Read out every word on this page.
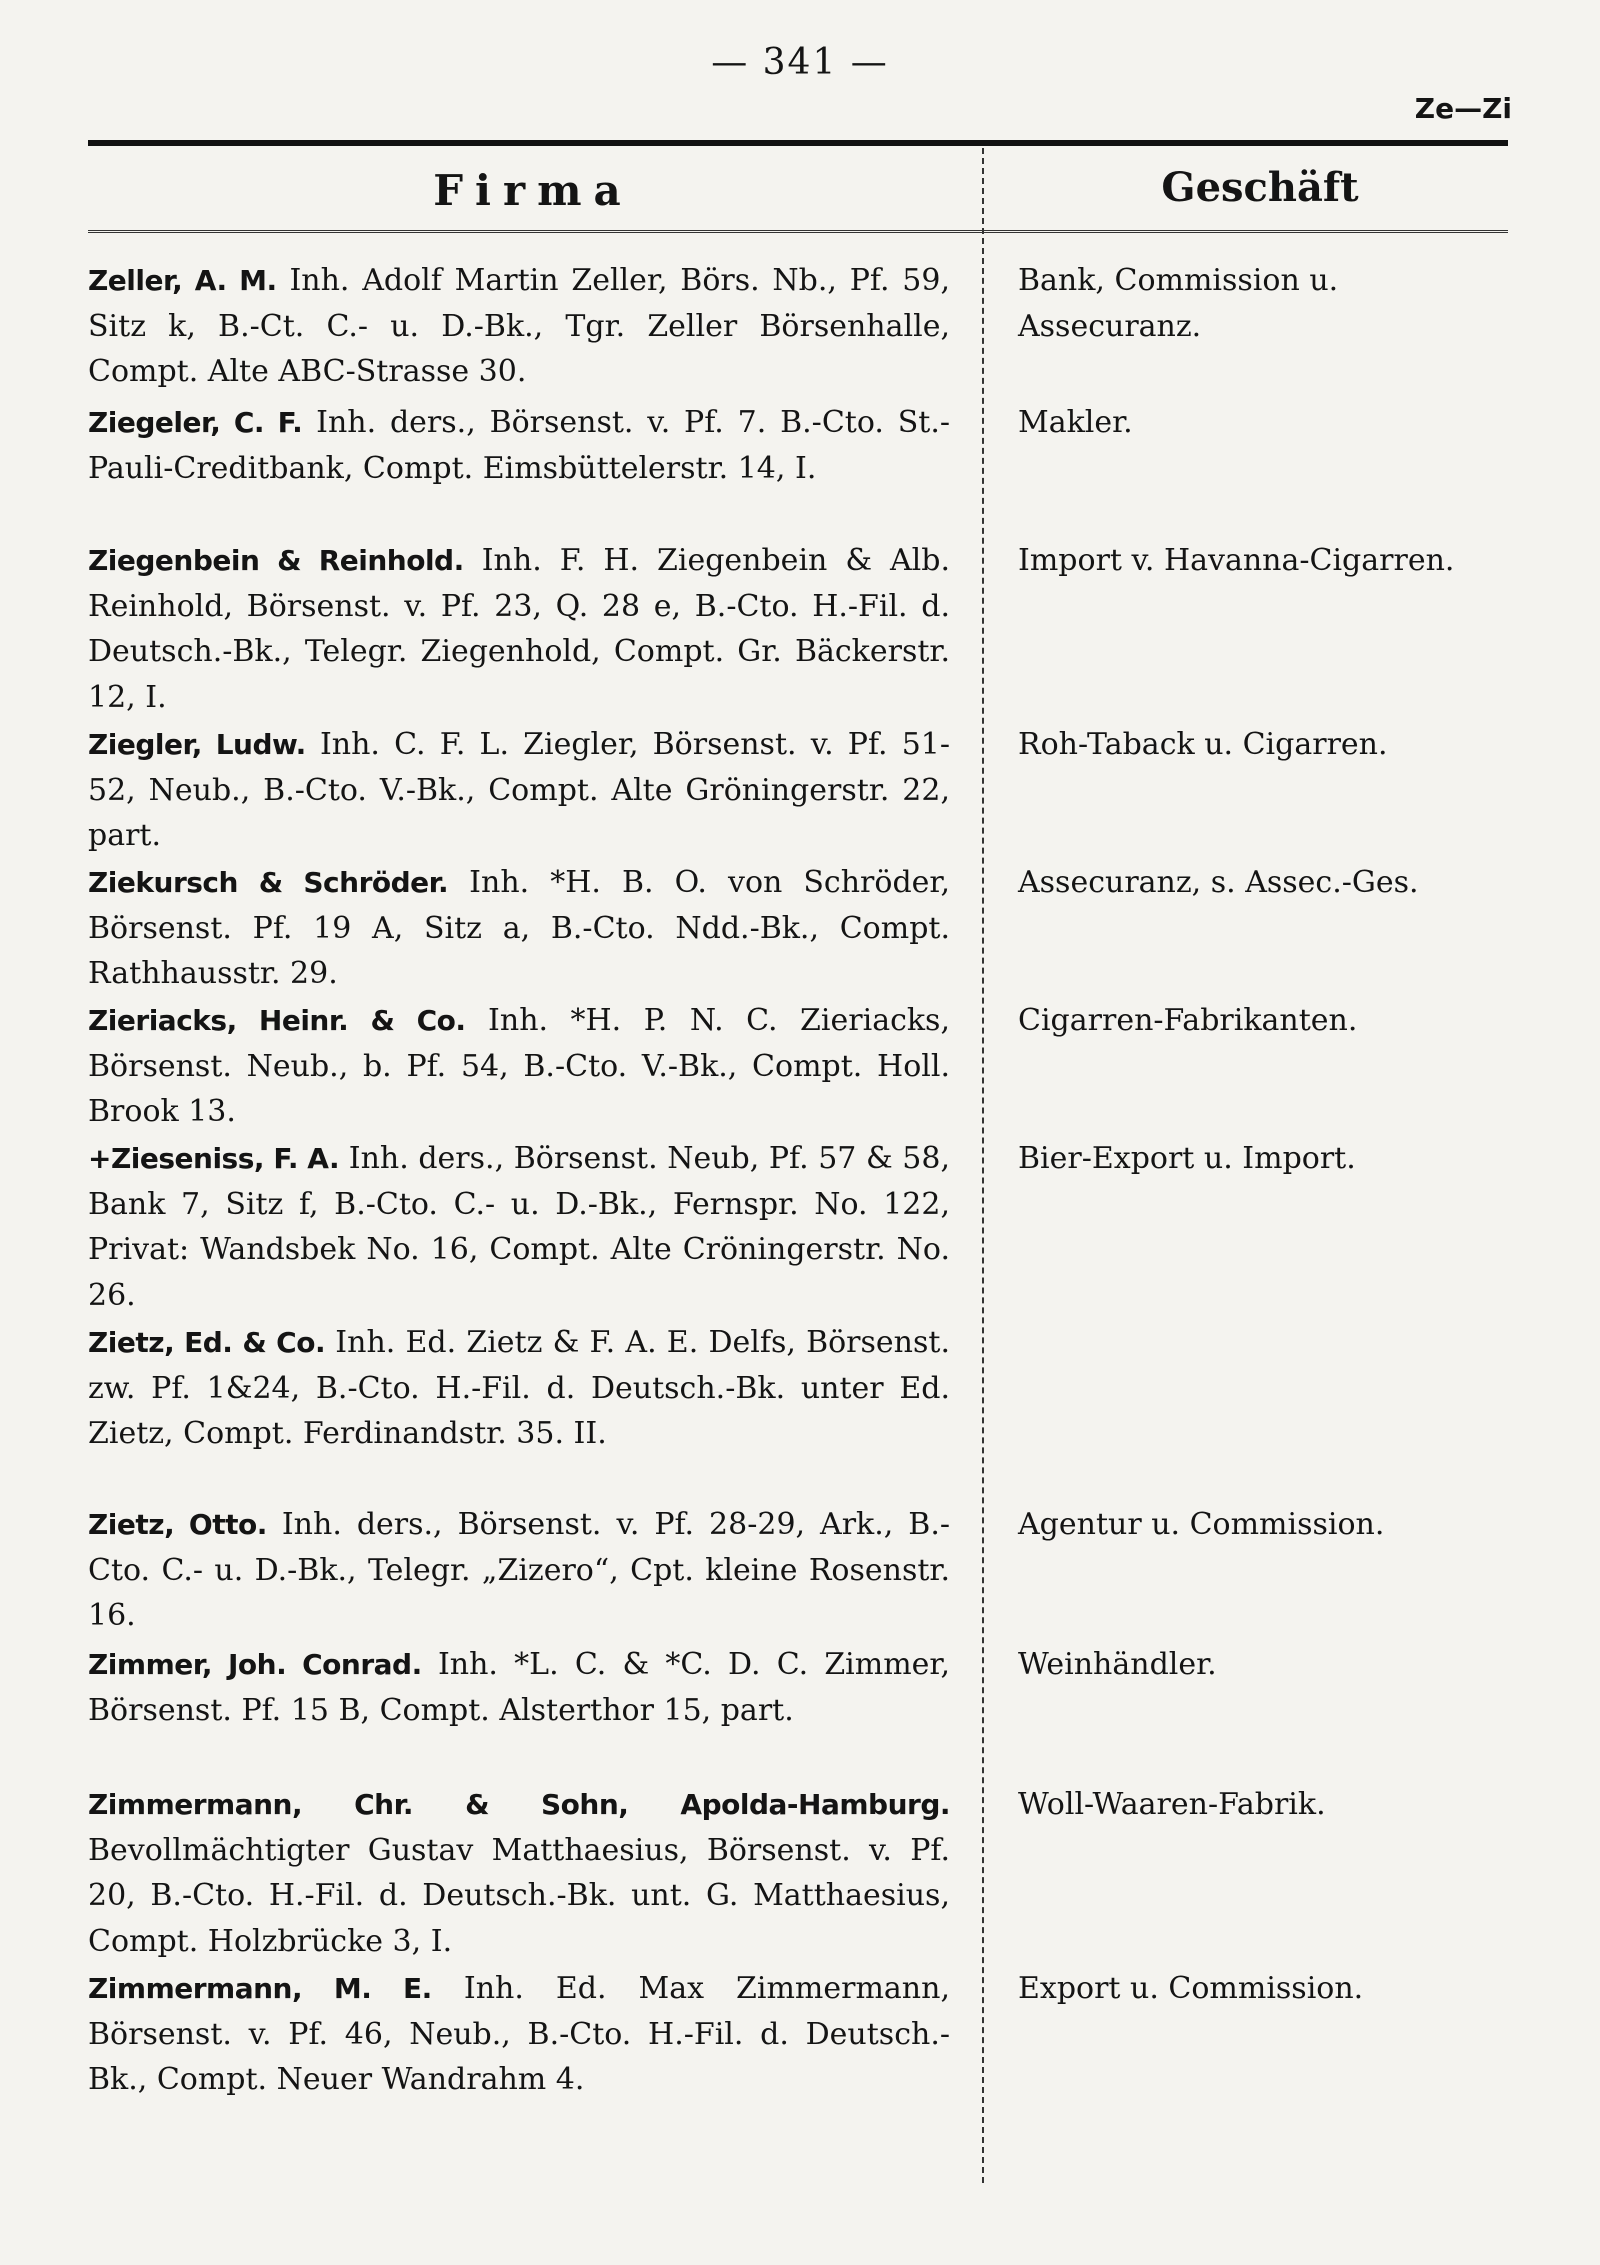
— 341 —
Ze—Zi
Firma	Geschäft
Zeller, A. M. Inh. Adolf Martin Zeller, Börs. Nb., Pf. 59, Sitz k, B.-Ct. C.- u. D.-Bk., Tgr. Zeller Börsenhalle, Compt. Alte ABC-Strasse 30.
Bank, Commission u. Assecuranz.
Ziegeler, C. F. Inh. ders., Börsenst. v. Pf. 7. B.-Cto. St.-Pauli-Creditbank, Compt. Eimsbüttelerstr. 14, I.
Makler.
Ziegenbein & Reinhold. Inh. F. H. Ziegenbein & Alb. Reinhold, Börsenst. v. Pf. 23, Q. 28 e, B.-Cto. H.-Fil. d. Deutsch.-Bk., Telegr. Ziegenhold, Compt. Gr. Bäckerstr. 12, I.
Import v. Havanna-Cigarren.
Ziegler, Ludw. Inh. C. F. L. Ziegler, Börsenst. v. Pf. 51-52, Neub., B.-Cto. V.-Bk., Compt. Alte Gröningerstr. 22, part.
Roh-Taback u. Cigarren.
Ziekursch & Schröder. Inh. *H. B. O. von Schröder, Börsenst. Pf. 19 A, Sitz a, B.-Cto. Ndd.-Bk., Compt. Rathhausstr. 29.
Assecuranz, s. Assec.-Ges.
Zieriacks, Heinr. & Co. Inh. *H. P. N. C. Zieriacks, Börsenst. Neub., b. Pf. 54, B.-Cto. V.-Bk., Compt. Holl. Brook 13.
Cigarren-Fabrikanten.
+Zieseniss, F. A. Inh. ders., Börsenst. Neub, Pf. 57 & 58, Bank 7, Sitz f, B.-Cto. C.- u. D.-Bk., Fernspr. No. 122, Privat: Wandsbek No. 16, Compt. Alte Cröningerstr. No. 26.
Bier-Export u. Import.
Zietz, Ed. & Co. Inh. Ed. Zietz & F. A. E. Delfs, Börsenst. zw. Pf. 1&24, B.-Cto. H.-Fil. d. Deutsch.-Bk. unter Ed. Zietz, Compt. Ferdinandstr. 35. II.
Zietz, Otto. Inh. ders., Börsenst. v. Pf. 28-29, Ark., B.-Cto. C.- u. D.-Bk., Telegr. „Zizero“, Cpt. kleine Rosenstr. 16.
Agentur u. Commission.
Zimmer, Joh. Conrad. Inh. *L. C. & *C. D. C. Zimmer, Börsenst. Pf. 15 B, Compt. Alsterthor 15, part.
Weinhändler.
Zimmermann, Chr. & Sohn, Apolda-Hamburg. Bevollmächtigter Gustav Matthaesius, Börsenst. v. Pf. 20, B.-Cto. H.-Fil. d. Deutsch.-Bk. unt. G. Matthaesius, Compt. Holzbrücke 3, I.
Woll-Waaren-Fabrik.
Zimmermann, M. E. Inh. Ed. Max Zimmermann, Börsenst. v. Pf. 46, Neub., B.-Cto. H.-Fil. d. Deutsch.-Bk., Compt. Neuer Wandrahm 4.
Export u. Commission.
